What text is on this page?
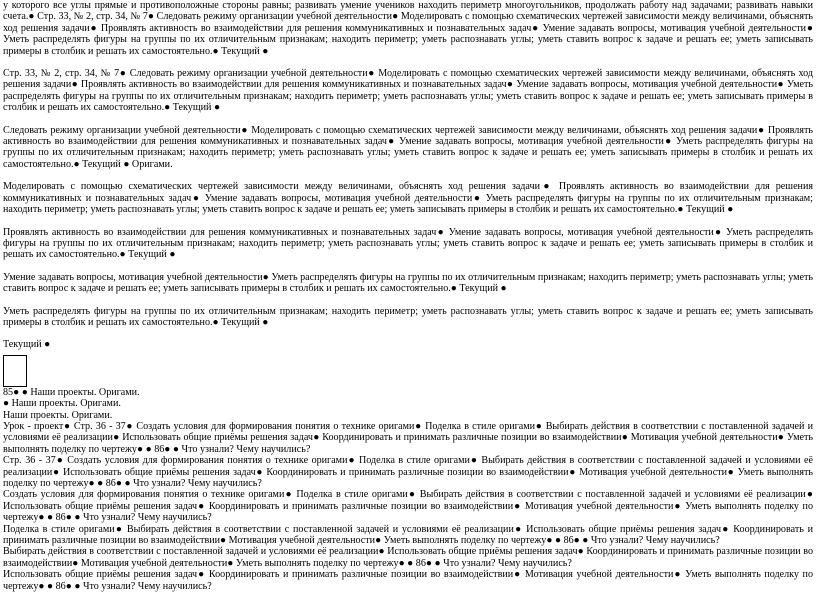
у которого все углы прямые и противоположные стороны равны; развивать умение учеников находить периметр многоугольников, продолжать работу над задачами; развивать навыки счета.● Стр. 33, № 2, стр. 34, № 7● Следовать режиму организации учебной деятельности● Моделировать с помощью схематических чертежей зависимости между величинами, объяснять ход решения задачи● Проявлять активность во взаимодействии для решения коммуникативных и познавательных задач● Умение задавать вопросы, мотивация учебной деятельности● Уметь распределять фигуры на группы по их отличительным признакам; находить периметр; уметь распознавать углы; уметь ставить вопрос к задаче и решать ее; уметь записывать примеры в столбик и решать их самостоятельно.● Текущий ●

Стр. 33, № 2, стр. 34, № 7● Следовать режиму организации учебной деятельности● Моделировать с помощью схематических чертежей зависимости между величинами, объяснять ход решения задачи● Проявлять активность во взаимодействии для решения коммуникативных и познавательных задач● Умение задавать вопросы, мотивация учебной деятельности● Уметь распределять фигуры на группы по их отличительным признакам; находить периметр; уметь распознавать углы; уметь ставить вопрос к задаче и решать ее; уметь записывать примеры в столбик и решать их самостоятельно.● Текущий ●

Следовать режиму организации учебной деятельности● Моделировать с помощью схематических чертежей зависимости между величинами, объяснять ход решения задачи● Проявлять активность во взаимодействии для решения коммуникативных и познавательных задач● Умение задавать вопросы, мотивация учебной деятельности● Уметь распределять фигуры на группы по их отличительным признакам; находить периметр; уметь распознавать углы; уметь ставить вопрос к задаче и решать ее; уметь записывать примеры в столбик и решать их самостоятельно.● Текущий ● Оригами.

Моделировать с помощью схематических чертежей зависимости между величинами, объяснять ход решения задачи● Проявлять активность во взаимодействии для решения коммуникативных и познавательных задач● Умение задавать вопросы, мотивация учебной деятельности● Уметь распределять фигуры на группы по их отличительным признакам; находить периметр; уметь распознавать углы; уметь ставить вопрос к задаче и решать ее; уметь записывать примеры в столбик и решать их самостоятельно.● Текущий ●

Проявлять активность во взаимодействии для решения коммуникативных и познавательных задач● Умение задавать вопросы, мотивация учебной деятельности● Уметь распределять фигуры на группы по их отличительным признакам; находить периметр; уметь распознавать углы; уметь ставить вопрос к задаче и решать ее; уметь записывать примеры в столбик и решать их самостоятельно.● Текущий ●

Умение задавать вопросы, мотивация учебной деятельности● Уметь распределять фигуры на группы по их отличительным признакам; находить периметр; уметь распознавать углы; уметь ставить вопрос к задаче и решать ее; уметь записывать примеры в столбик и решать их самостоятельно.● Текущий ●

Уметь распределять фигуры на группы по их отличительным признакам; находить периметр; уметь распознавать углы; уметь ставить вопрос к задаче и решать ее; уметь записывать примеры в столбик и решать их самостоятельно.● Текущий ●

Текущий ●

85● ● Наши проекты. Оригами.

● Наши проекты. Оригами.

Наши проекты. Оригами.

Урок - проект● Стр. 36 - 37● Создать условия для формирования понятия о технике оригами● Поделка в стиле оригами● Выбирать действия в соответствии с поставленной задачей и условиями её реализации● Использовать общие приёмы решения задач● Координировать и принимать различные позиции во взаимодействии● Мотивация учебной деятельности● Уметь выполнять поделку по чертежу● ● 86● ● Что узнали? Чему научились?

Стр. 36 - 37● Создать условия для формирования понятия о технике оригами● Поделка в стиле оригами● Выбирать действия в соответствии с поставленной задачей и условиями её реализации● Использовать общие приёмы решения задач● Координировать и принимать различные позиции во взаимодействии● Мотивация учебной деятельности● Уметь выполнять поделку по чертежу● ● 86● ● Что узнали? Чему научились?

Создать условия для формирования понятия о технике оригами● Поделка в стиле оригами● Выбирать действия в соответствии с поставленной задачей и условиями её реализации● Использовать общие приёмы решения задач● Координировать и принимать различные позиции во взаимодействии● Мотивация учебной деятельности● Уметь выполнять поделку по чертежу● ● 86● ● Что узнали? Чему научились?

Поделка в стиле оригами● Выбирать действия в соответствии с поставленной задачей и условиями её реализации● Использовать общие приёмы решения задач● Координировать и принимать различные позиции во взаимодействии● Мотивация учебной деятельности● Уметь выполнять поделку по чертежу● ● 86● ● Что узнали? Чему научились?

Выбирать действия в соответствии с поставленной задачей и условиями её реализации● Использовать общие приёмы решения задач● Координировать и принимать различные позиции во взаимодействии● Мотивация учебной деятельности● Уметь выполнять поделку по чертежу● ● 86● ● Что узнали? Чему научились?

Использовать общие приёмы решения задач● Координировать и принимать различные позиции во взаимодействии● Мотивация учебной деятельности● Уметь выполнять поделку по чертежу● ● 86● ● Что узнали? Чему научились?
